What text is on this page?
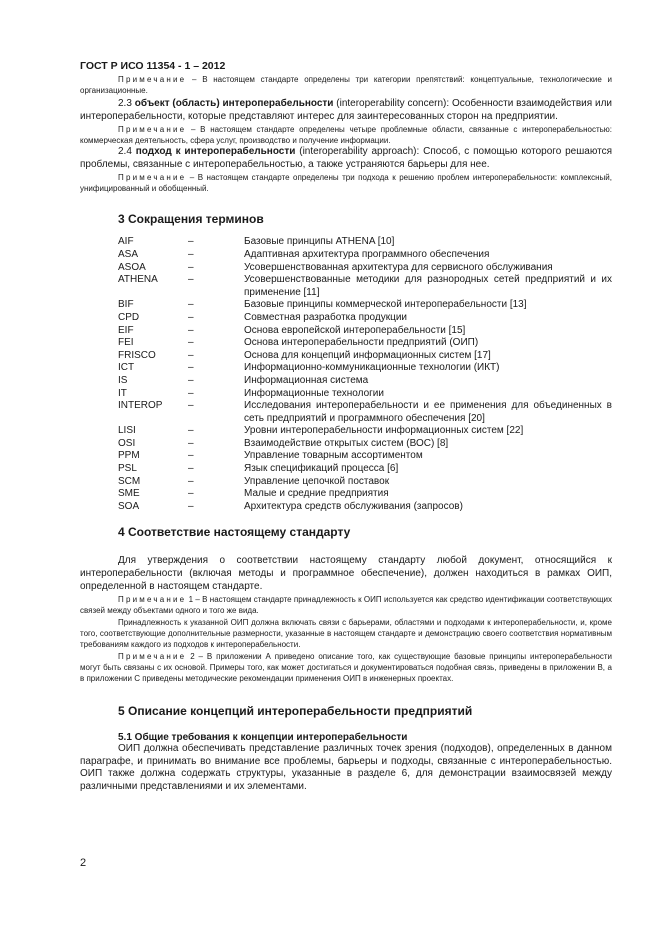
ГОСТ Р ИСО 11354 - 1 – 2012

Примечание – В настоящем стандарте определены три категории препятствий: концептуальные, технологические и организационные.

2.3 объект (область) интероперабельности (interoperability concern): Особенности взаимодействия или интероперабельности, которые представляют интерес для заинтересованных сторон на предприятии.

Примечание – В настоящем стандарте определены четыре проблемные области, связанные с интероперабельностью: коммерческая деятельность, сфера услуг, производство и получение информации.

2.4 подход к интероперабельности (interoperability approach): Способ, с помощью которого решаются проблемы, связанные с интероперабельностью, а также устраняются барьеры для нее.

Примечание – В настоящем стандарте определены три подхода к решению проблем интероперабельности: комплексный, унифицированный и обобщенный.

3 Сокращения терминов
AIF	–	Базовые принципы ATHENA [10]
ASA	–	Адаптивная архитектура программного обеспечения
ASOA	–	Усовершенствованная архитектура для сервисного обслуживания
ATHENA	–	Усовершенствованные методики для разнородных сетей предприятий и их применение [11]
BIF	–	Базовые принципы коммерческой интероперабельности [13]
CPD	–	Совместная разработка продукции
EIF	–	Основа европейской интероперабельности [15]
FEI	–	Основа интероперабельности предприятий (ОИП)
FRISCO	–	Основа для концепций информационных систем [17]
ICT	–	Информационно-коммуникационные технологии (ИКТ)
IS	–	Информационная система
IT	–	Информационные технологии
INTEROP	–	Исследования интероперабельности и ее применения для объединенных в сеть предприятий и программного обеспечения [20]
LISI	–	Уровни интероперабельности информационных систем [22]
OSI	–	Взаимодействие открытых систем (ВОС) [8]
PPM	–	Управление товарным ассортиментом
PSL	–	Язык спецификаций процесса [6]
SCM	–	Управление цепочкой поставок
SME	–	Малые и средние предприятия
SOA	–	Архитектура средств обслуживания (запросов)
4 Соответствие настоящему стандарту

Для утверждения о соответствии настоящему стандарту любой документ, относящийся к интероперабельности (включая методы и программное обеспечение), должен находиться в рамках ОИП, определенной в настоящем стандарте.

Примечание 1 – В настоящем стандарте принадлежность к ОИП используется как средство идентификации соответствующих связей между объектами одного и того же вида.

Принадлежность к указанной ОИП должна включать связи с барьерами, областями и подходами к интероперабельности, и, кроме того, соответствующие дополнительные размерности, указанные в настоящем стандарте и демонстрацию своего соответствия нормативным требованиям каждого из подходов к интероперабельности.

Примечание 2 – В приложении А приведено описание того, как существующие базовые принципы интероперабельности могут быть связаны с их основой. Примеры того, как может достигаться и документироваться подобная связь, приведены в приложении В, а в приложении С приведены методические рекомендации применения ОИП в инженерных проектах.

5 Описание концепций интероперабельности предприятий
5.1 Общие требования к концепции интероперабельности

ОИП должна обеспечивать представление различных точек зрения (подходов), определенных в данном параграфе, и принимать во внимание все проблемы, барьеры и подходы, связанные с интероперабельностью. ОИП также должна содержать структуры, указанные в разделе 6, для демонстрации взаимосвязей между различными представлениями и их элементами.

2
